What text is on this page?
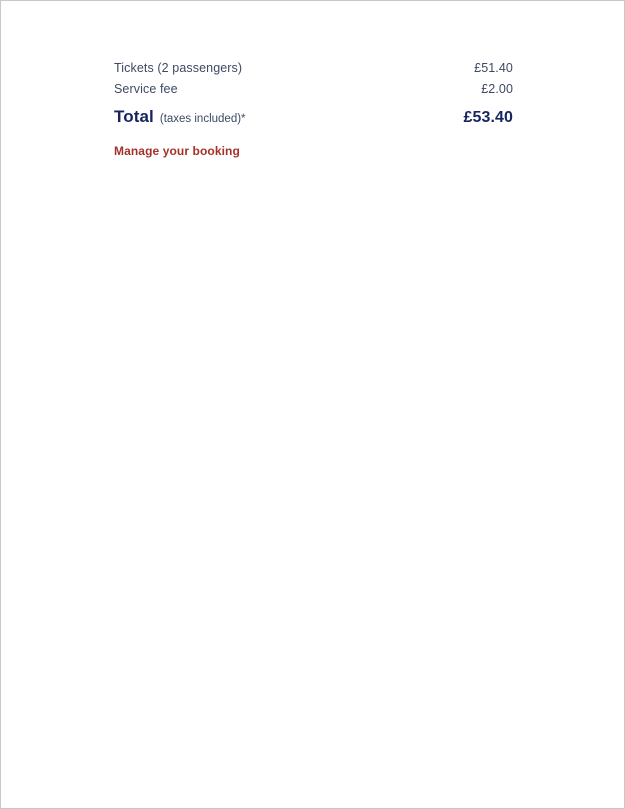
Tickets (2 passengers)	£51.40
Service fee	£2.00
Total (taxes included)*	£53.40
Manage your booking
